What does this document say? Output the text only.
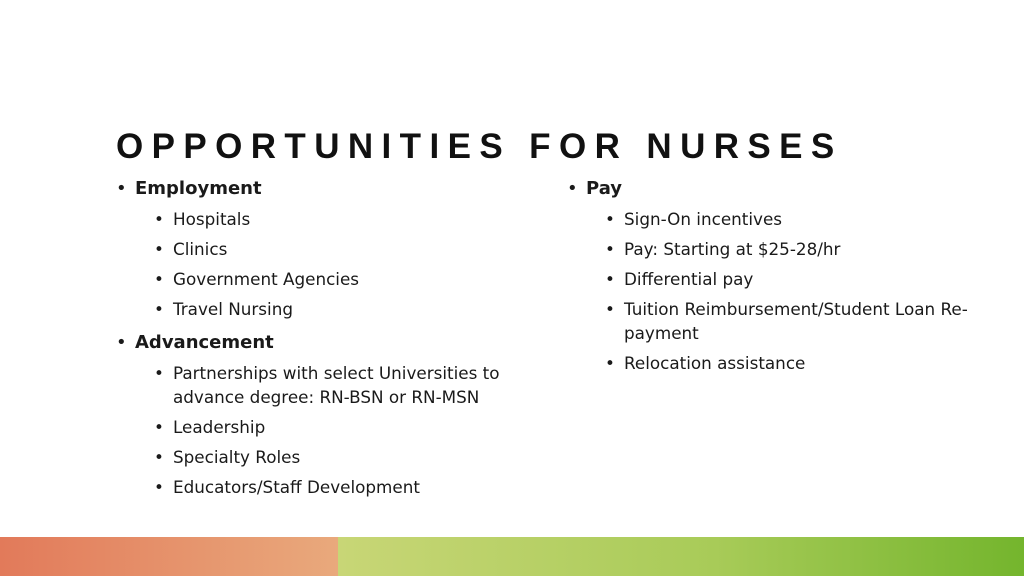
OPPORTUNITIES FOR NURSES
• Employment
• Hospitals
• Clinics
• Government Agencies
• Travel Nursing
• Advancement
• Partnerships with select Universities to advance degree: RN-BSN or RN-MSN
• Leadership
• Specialty Roles
• Educators/Staff Development
• Pay
• Sign-On incentives
• Pay: Starting at $25-28/hr
• Differential pay
• Tuition Reimbursement/Student Loan Re-payment
• Relocation assistance
